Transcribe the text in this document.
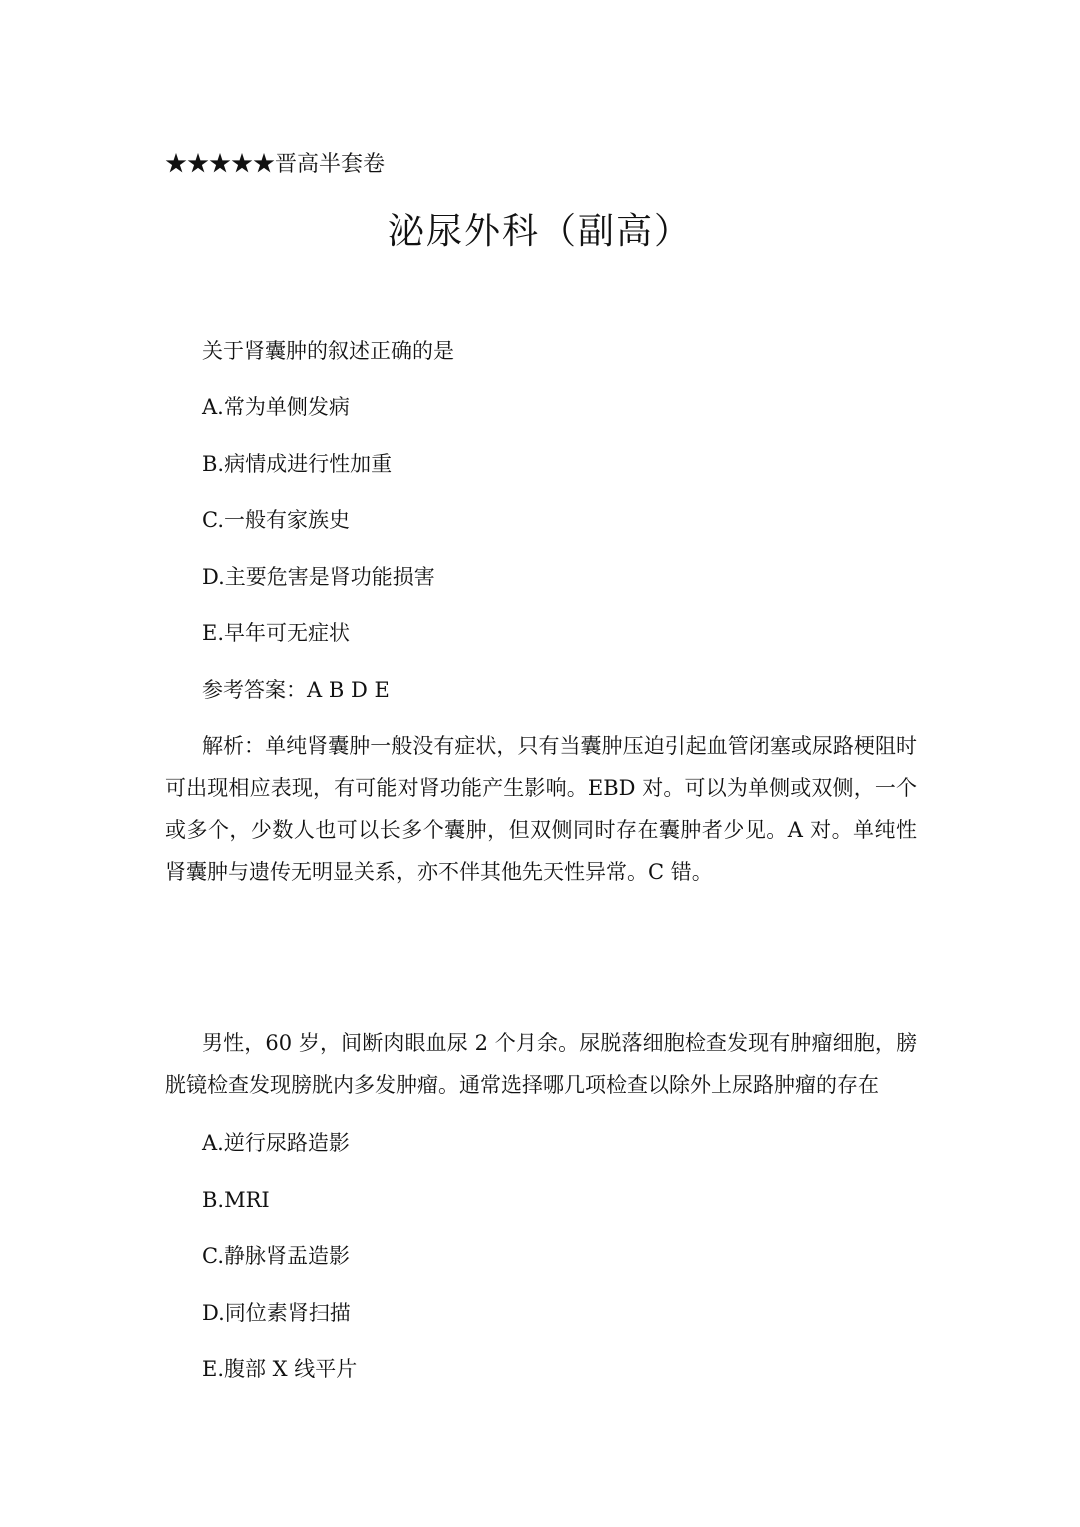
★★★★★晋高半套卷
泌尿外科（副高）

关于肾囊肿的叙述正确的是

A.常为单侧发病
B.病情成进行性加重
C.一般有家族史
D.主要危害是肾功能损害
E.早年可无症状
参考答案：A B D E

解析：单纯肾囊肿一般没有症状，只有当囊肿压迫引起血管闭塞或尿路梗阻时可出现相应表现，有可能对肾功能产生影响。EBD 对。可以为单侧或双侧，一个或多个，少数人也可以长多个囊肿，但双侧同时存在囊肿者少见。A 对。单纯性肾囊肿与遗传无明显关系，亦不伴其他先天性异常。C 错。

男性，60 岁，间断肉眼血尿 2 个月余。尿脱落细胞检查发现有肿瘤细胞，膀胱镜检查发现膀胱内多发肿瘤。通常选择哪几项检查以除外上尿路肿瘤的存在

A.逆行尿路造影
B.MRI
C.静脉肾盂造影
D.同位素肾扫描
E.腹部 X 线平片
